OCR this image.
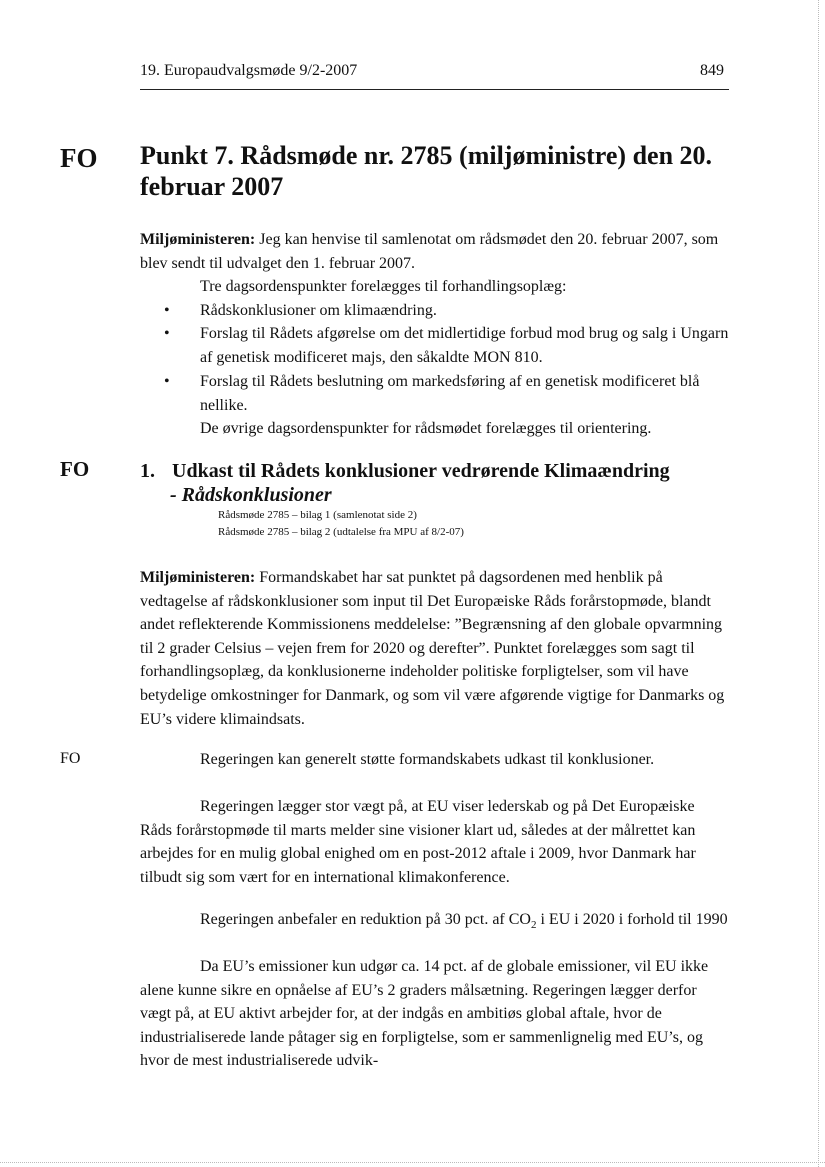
19. Europaudvalgsmøde 9/2-2007	849
FO
FO
FO
Punkt 7. Rådsmøde nr. 2785 (miljøministre) den 20. februar 2007
Miljøministeren: Jeg kan henvise til samlenotat om rådsmødet den 20. februar 2007, som blev sendt til udvalget den 1. februar 2007.
Tre dagsordenspunkter forelægges til forhandlingsoplæg:
• Rådskonklusioner om klimaændring.
• Forslag til Rådets afgørelse om det midlertidige forbud mod brug og salg i Ungarn af genetisk modificeret majs, den såkaldte MON 810.
• Forslag til Rådets beslutning om markedsføring af en genetisk modificeret blå nellike.
De øvrige dagsordenspunkter for rådsmødet forelægges til orientering.
1. Udkast til Rådets konklusioner vedrørende Klimaændring
- Rådskonklusioner
Rådsmøde 2785 – bilag 1 (samlenotat side 2)
Rådsmøde 2785 – bilag 2 (udtalelse fra MPU af 8/2-07)
Miljøministeren: Formandskabet har sat punktet på dagsordenen med henblik på vedtagelse af rådskonklusioner som input til Det Europæiske Råds forårstopmøde, blandt andet reflekterende Kommissionens meddelelse: ”Begrænsning af den globale opvarmning til 2 grader Celsius – vejen frem for 2020 og derefter”. Punktet forelægges som sagt til forhandlingsoplæg, da konklusionerne indeholder politiske forpligtelser, som vil have betydelige omkostninger for Danmark, og som vil være afgørende vigtige for Danmarks og EU’s videre klimaindsats.
Regeringen kan generelt støtte formandskabets udkast til konklusioner.
Regeringen lægger stor vægt på, at EU viser lederskab og på Det Europæiske Råds forårstopmøde til marts melder sine visioner klart ud, således at der målrettet kan arbejdes for en mulig global enighed om en post-2012 aftale i 2009, hvor Danmark har tilbudt sig som vært for en international klimakonference.
Regeringen anbefaler en reduktion på 30 pct. af $CO_2$ i EU i 2020 i forhold til 1990
Da EU’s emissioner kun udgør ca. 14 pct. af de globale emissioner, vil EU ikke alene kunne sikre en opnåelse af EU’s 2 graders målsætning. Regeringen lægger derfor vægt på, at EU aktivt arbejder for, at der indgås en ambitiøs global aftale, hvor de industrialiserede lande påtager sig en forpligtelse, som er sammenlignelig med EU’s, og hvor de mest industrialiserede udvik-
